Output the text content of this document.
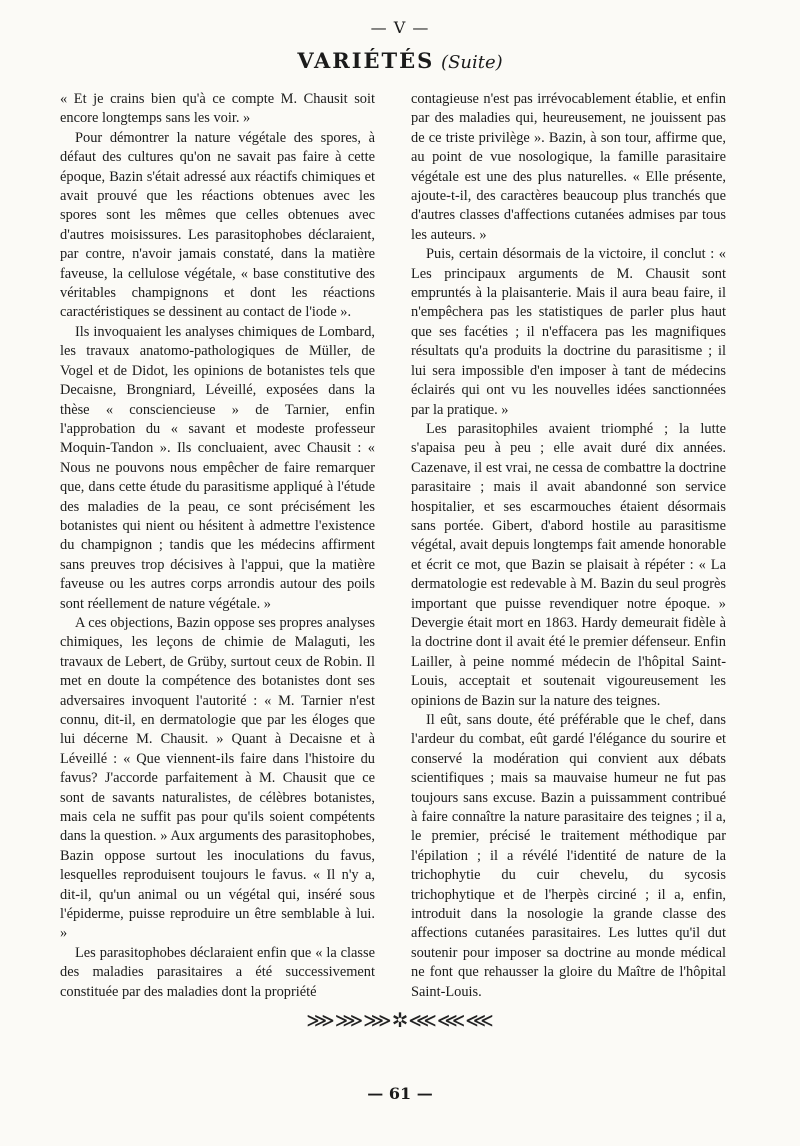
— V —
VARIÉTÉS (Suite)

« Et je crains bien qu'à ce compte M. Chausit soit encore longtemps sans les voir. »

Pour démontrer la nature végétale des spores, à défaut des cultures qu'on ne savait pas faire à cette époque, Bazin s'était adressé aux réactifs chimiques et avait prouvé que les réactions obtenues avec les spores sont les mêmes que celles obtenues avec d'autres moisissures. Les parasitophobes déclaraient, par contre, n'avoir jamais constaté, dans la matière faveuse, la cellulose végétale, « base constitutive des véritables champignons et dont les réactions caractéristiques se dessinent au contact de l'iode ».

Ils invoquaient les analyses chimiques de Lombard, les travaux anatomo-pathologiques de Müller, de Vogel et de Didot, les opinions de botanistes tels que Decaisne, Brongniard, Léveillé, exposées dans la thèse « consciencieuse » de Tarnier, enfin l'approbation du « savant et modeste professeur Moquin-Tandon ». Ils concluaient, avec Chausit : « Nous ne pouvons nous empêcher de faire remarquer que, dans cette étude du parasitisme appliqué à l'étude des maladies de la peau, ce sont précisément les botanistes qui nient ou hésitent à admettre l'existence du champignon ; tandis que les médecins affirment sans preuves trop décisives à l'appui, que la matière faveuse ou les autres corps arrondis autour des poils sont réellement de nature végétale. »

A ces objections, Bazin oppose ses propres analyses chimiques, les leçons de chimie de Malaguti, les travaux de Lebert, de Grüby, surtout ceux de Robin. Il met en doute la compétence des botanistes dont ses adversaires invoquent l'autorité : « M. Tarnier n'est connu, dit-il, en dermatologie que par les éloges que lui décerne M. Chausit. » Quant à Decaisne et à Léveillé : « Que viennent-ils faire dans l'histoire du favus? J'accorde parfaitement à M. Chausit que ce sont de savants naturalistes, de célèbres botanistes, mais cela ne suffit pas pour qu'ils soient compétents dans la question. » Aux arguments des parasitophobes, Bazin oppose surtout les inoculations du favus, lesquelles reproduisent toujours le favus. « Il n'y a, dit-il, qu'un animal ou un végétal qui, inséré sous l'épiderme, puisse reproduire un être semblable à lui. »

Les parasitophobes déclaraient enfin que « la classe des maladies parasitaires a été successivement constituée par des maladies dont la propriété

contagieuse n'est pas irrévocablement établie, et enfin par des maladies qui, heureusement, ne jouissent pas de ce triste privilège ». Bazin, à son tour, affirme que, au point de vue nosologique, la famille parasitaire végétale est une des plus naturelles. « Elle présente, ajoute-t-il, des caractères beaucoup plus tranchés que d'autres classes d'affections cutanées admises par tous les auteurs. »

Puis, certain désormais de la victoire, il conclut : « Les principaux arguments de M. Chausit sont empruntés à la plaisanterie. Mais il aura beau faire, il n'empêchera pas les statistiques de parler plus haut que ses facéties ; il n'effacera pas les magnifiques résultats qu'a produits la doctrine du parasitisme ; il lui sera impossible d'en imposer à tant de médecins éclairés qui ont vu les nouvelles idées sanctionnées par la pratique. »

Les parasitophiles avaient triomphé ; la lutte s'apaisa peu à peu ; elle avait duré dix années. Cazenave, il est vrai, ne cessa de combattre la doctrine parasitaire ; mais il avait abandonné son service hospitalier, et ses escarmouches étaient désormais sans portée. Gibert, d'abord hostile au parasitisme végétal, avait depuis longtemps fait amende honorable et écrit ce mot, que Bazin se plaisait à répéter : « La dermatologie est redevable à M. Bazin du seul progrès important que puisse revendiquer notre époque. » Devergie était mort en 1863. Hardy demeurait fidèle à la doctrine dont il avait été le premier défenseur. Enfin Lailler, à peine nommé médecin de l'hôpital Saint-Louis, acceptait et soutenait vigoureusement les opinions de Bazin sur la nature des teignes.

Il eût, sans doute, été préférable que le chef, dans l'ardeur du combat, eût gardé l'élégance du sourire et conservé la modération qui convient aux débats scientifiques ; mais sa mauvaise humeur ne fut pas toujours sans excuse. Bazin a puissamment contribué à faire connaître la nature parasitaire des teignes ; il a, le premier, précisé le traitement méthodique par l'épilation ; il a révélé l'identité de nature de la trichophytie du cuir chevelu, du sycosis trichophytique et de l'herpès circiné ; il a, enfin, introduit dans la nosologie la grande classe des affections cutanées parasitaires. Les luttes qu'il dut soutenir pour imposer sa doctrine au monde médical ne font que rehausser la gloire du Maître de l'hôpital Saint-Louis.

⋙⋙⋙✲⋘⋘⋘
— 61 —
